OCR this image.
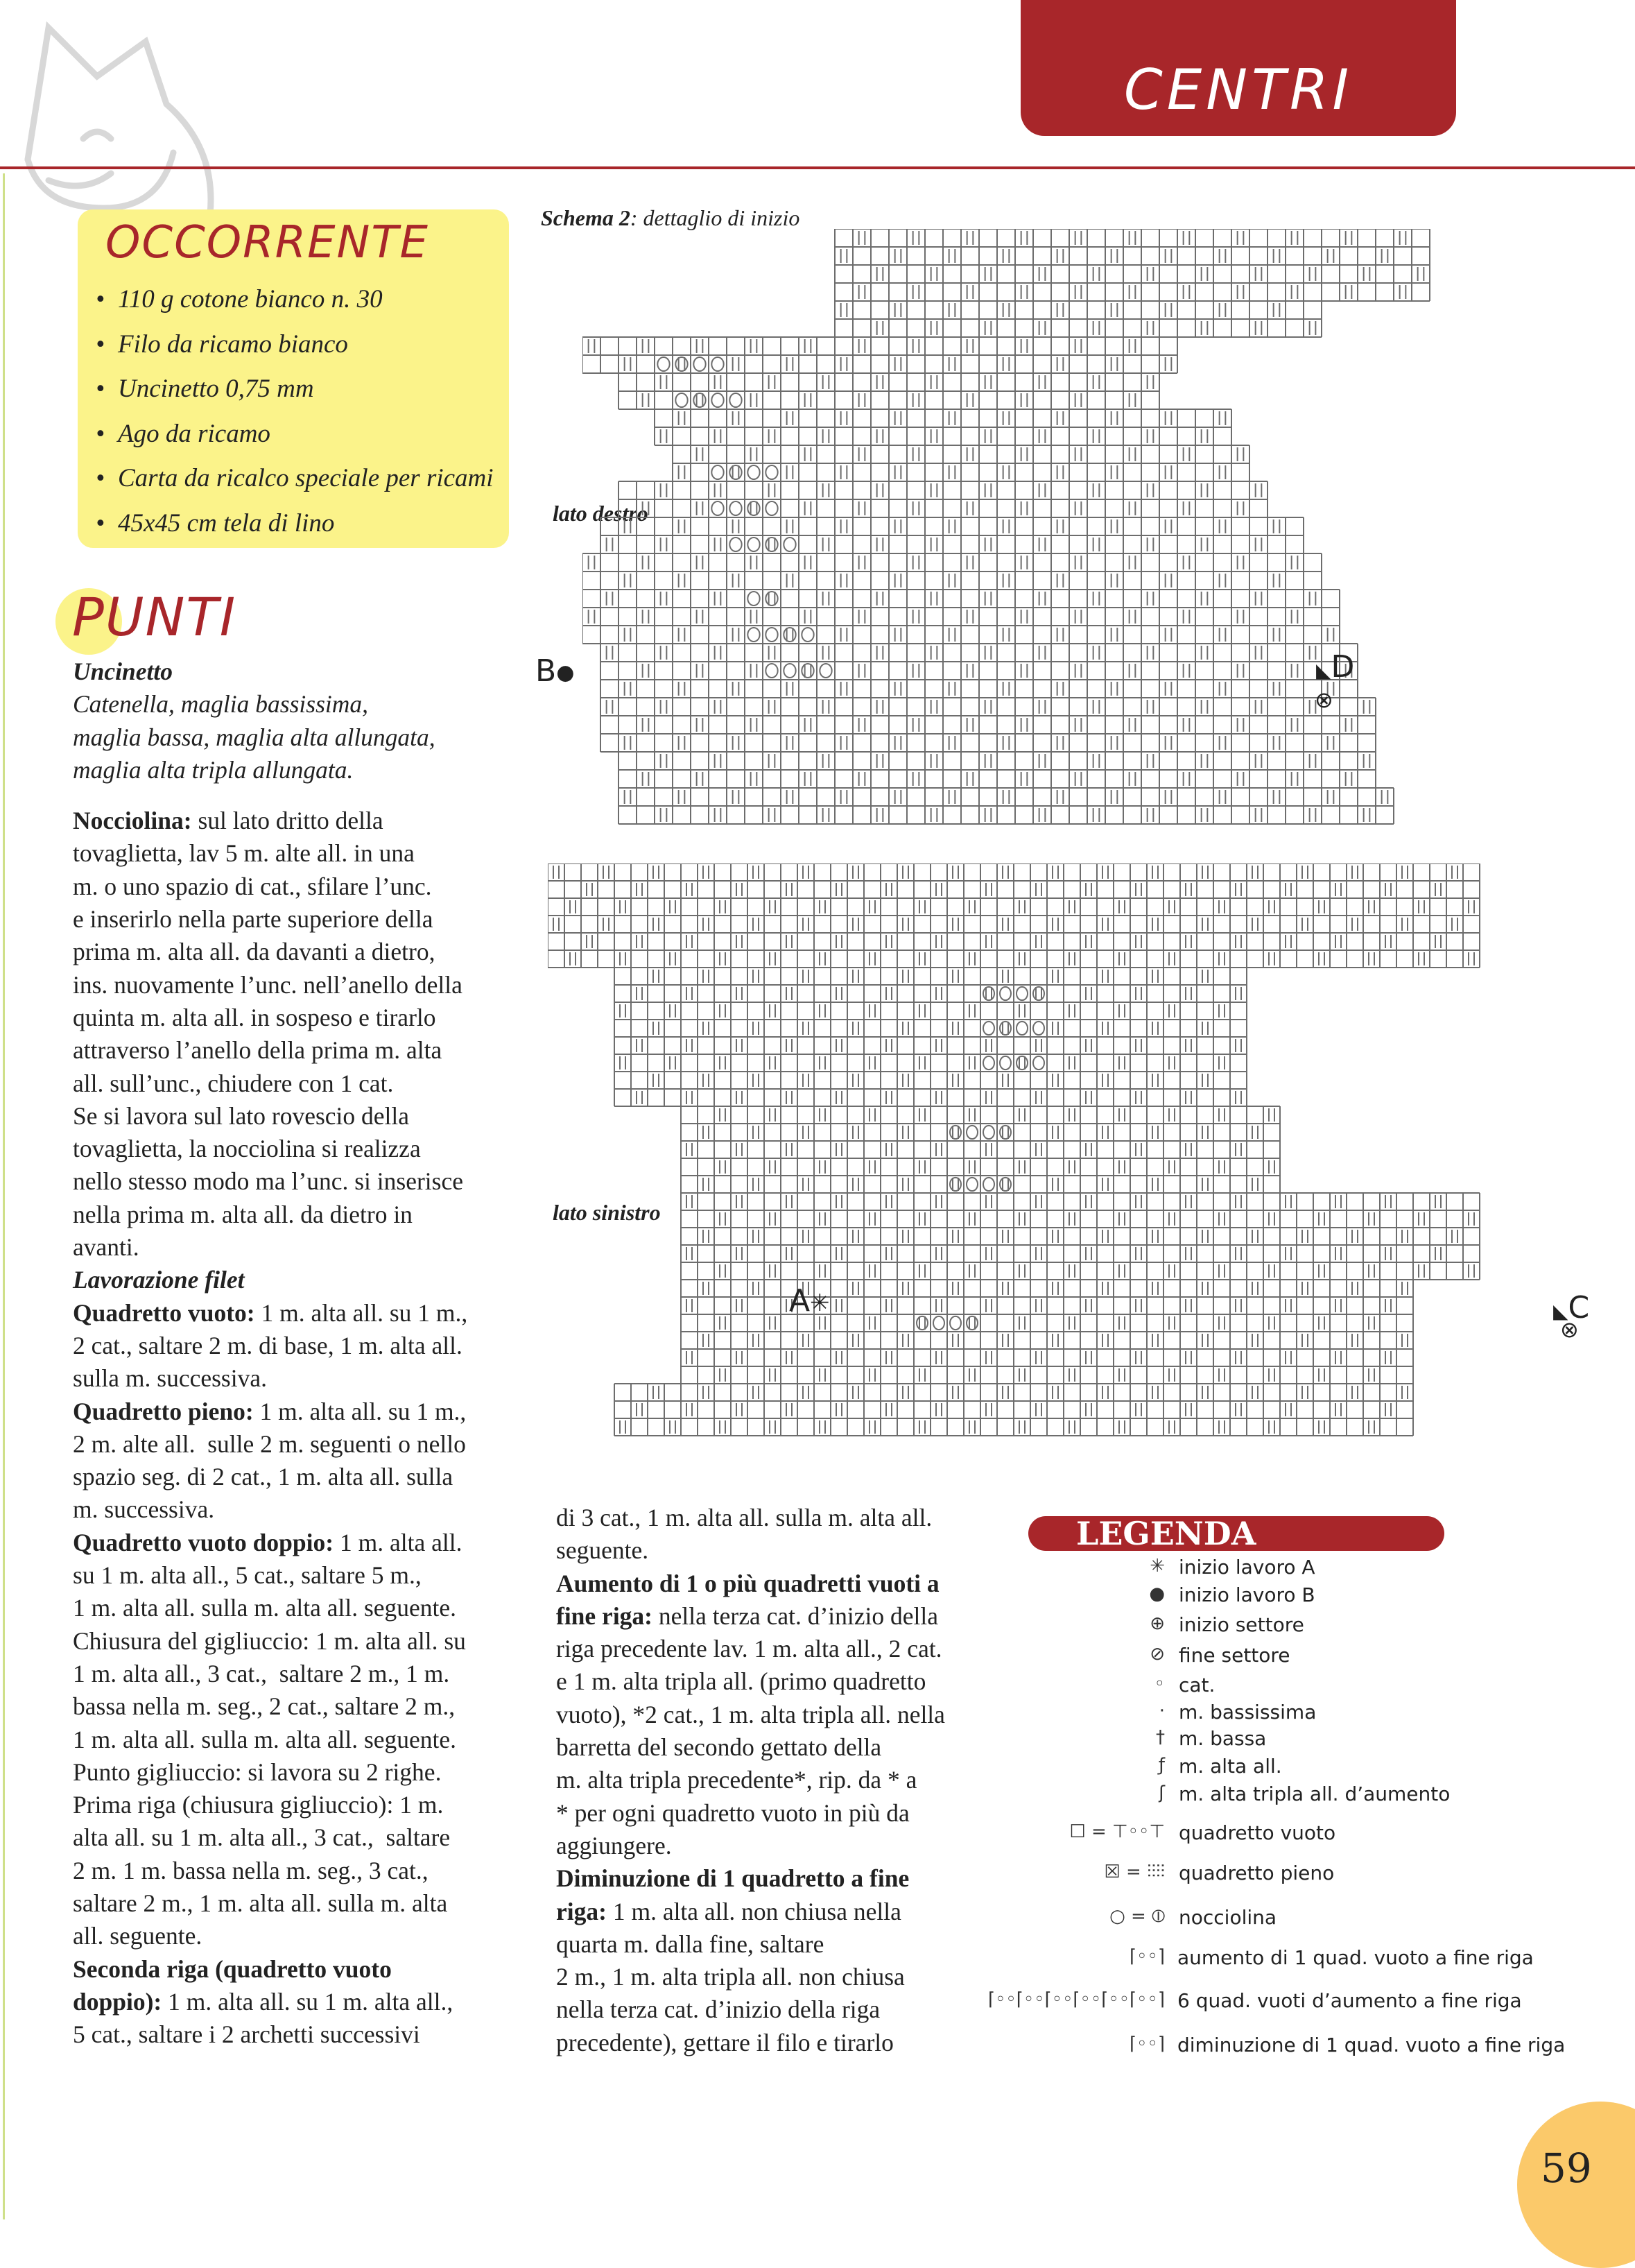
CENTRI
OCCORRENTE
• 110 g cotone bianco n. 30
• Filo da ricamo bianco
• Uncinetto 0,75 mm
• Ago da ricamo
• Carta da ricalco speciale per ricami
• 45x45 cm tela di lino
PUNTI
Uncinetto
Catenella, maglia bassissima,
maglia bassa, maglia alta allungata,
maglia alta tripla allungata.
Nocciolina: sul lato dritto della
tovaglietta, lav 5 m. alte all. in una
m. o uno spazio di cat., sfilare l’unc.
e inserirlo nella parte superiore della
prima m. alta all. da davanti a dietro,
ins. nuovamente l’unc. nell’anello della
quinta m. alta all. in sospeso e tirarlo
attraverso l’anello della prima m. alta
all. sull’unc., chiudere con 1 cat.
Se si lavora sul lato rovescio della
tovaglietta, la nocciolina si realizza
nello stesso modo ma l’unc. si inserisce
nella prima m. alta all. da dietro in
avanti.
Lavorazione filet
Quadretto vuoto: 1 m. alta all. su 1 m.,
2 cat., saltare 2 m. di base, 1 m. alta all.
sulla m. successiva.
Quadretto pieno: 1 m. alta all. su 1 m.,
2 m. alte all.  sulle 2 m. seguenti o nello
spazio seg. di 2 cat., 1 m. alta all. sulla
m. successiva.
Quadretto vuoto doppio: 1 m. alta all.
su 1 m. alta all., 5 cat., saltare 5 m.,
1 m. alta all. sulla m. alta all. seguente.
Chiusura del gigliuccio: 1 m. alta all. su
1 m. alta all., 3 cat.,  saltare 2 m., 1 m.
bassa nella m. seg., 2 cat., saltare 2 m.,
1 m. alta all. sulla m. alta all. seguente.
Punto gigliuccio: si lavora su 2 righe.
Prima riga (chiusura gigliuccio): 1 m.
alta all. su 1 m. alta all., 3 cat.,  saltare
2 m. 1 m. bassa nella m. seg., 3 cat.,
saltare 2 m., 1 m. alta all. sulla m. alta
all. seguente.
Seconda riga (quadretto vuoto
doppio): 1 m. alta all. su 1 m. alta all.,
5 cat., saltare i 2 archetti successivi
di 3 cat., 1 m. alta all. sulla m. alta all.
seguente.
Aumento di 1 o più quadretti vuoti a
fine riga: nella terza cat. d’inizio della
riga precedente lav. 1 m. alta all., 2 cat.
e 1 m. alta tripla all. (primo quadretto
vuoto), *2 cat., 1 m. alta tripla all. nella
barretta del secondo gettato della
m. alta tripla precedente*, rip. da * a
* per ogni quadretto vuoto in più da
aggiungere.
Diminuzione di 1 quadretto a fine
riga: 1 m. alta all. non chiusa nella
quarta m. dalla fine, saltare
2 m., 1 m. alta tripla all. non chiusa
nella terza cat. d’inizio della riga
precedente), gettare il filo e tirarlo
Schema 2: dettaglio di inizio
lato destro
lato sinistro
B●	◣D
⊗
A✳	◣C
⊗
LEGENDA
✳ inizio lavoro A
● inizio lavoro B
⊕ inizio settore
⊘ fine settore
◦ cat.
· m. bassissima
† m. bassa
ƒ m. alta all.
ʃ m. alta tripla all. d’aumento
☐ = ⊤◦◦⊤ quadretto vuoto
☒ = ⫶⫶⫶⫶ quadretto pieno
○ = ⦶ nocciolina
⌈◦◦⌉ aumento di 1 quad. vuoto a fine riga
⌈◦◦⌈◦◦⌈◦◦⌈◦◦⌈◦◦⌈◦◦⌉ 6 quad. vuoti d’aumento a fine riga
⌈◦◦⌉ diminuzione di 1 quad. vuoto a fine riga
59
